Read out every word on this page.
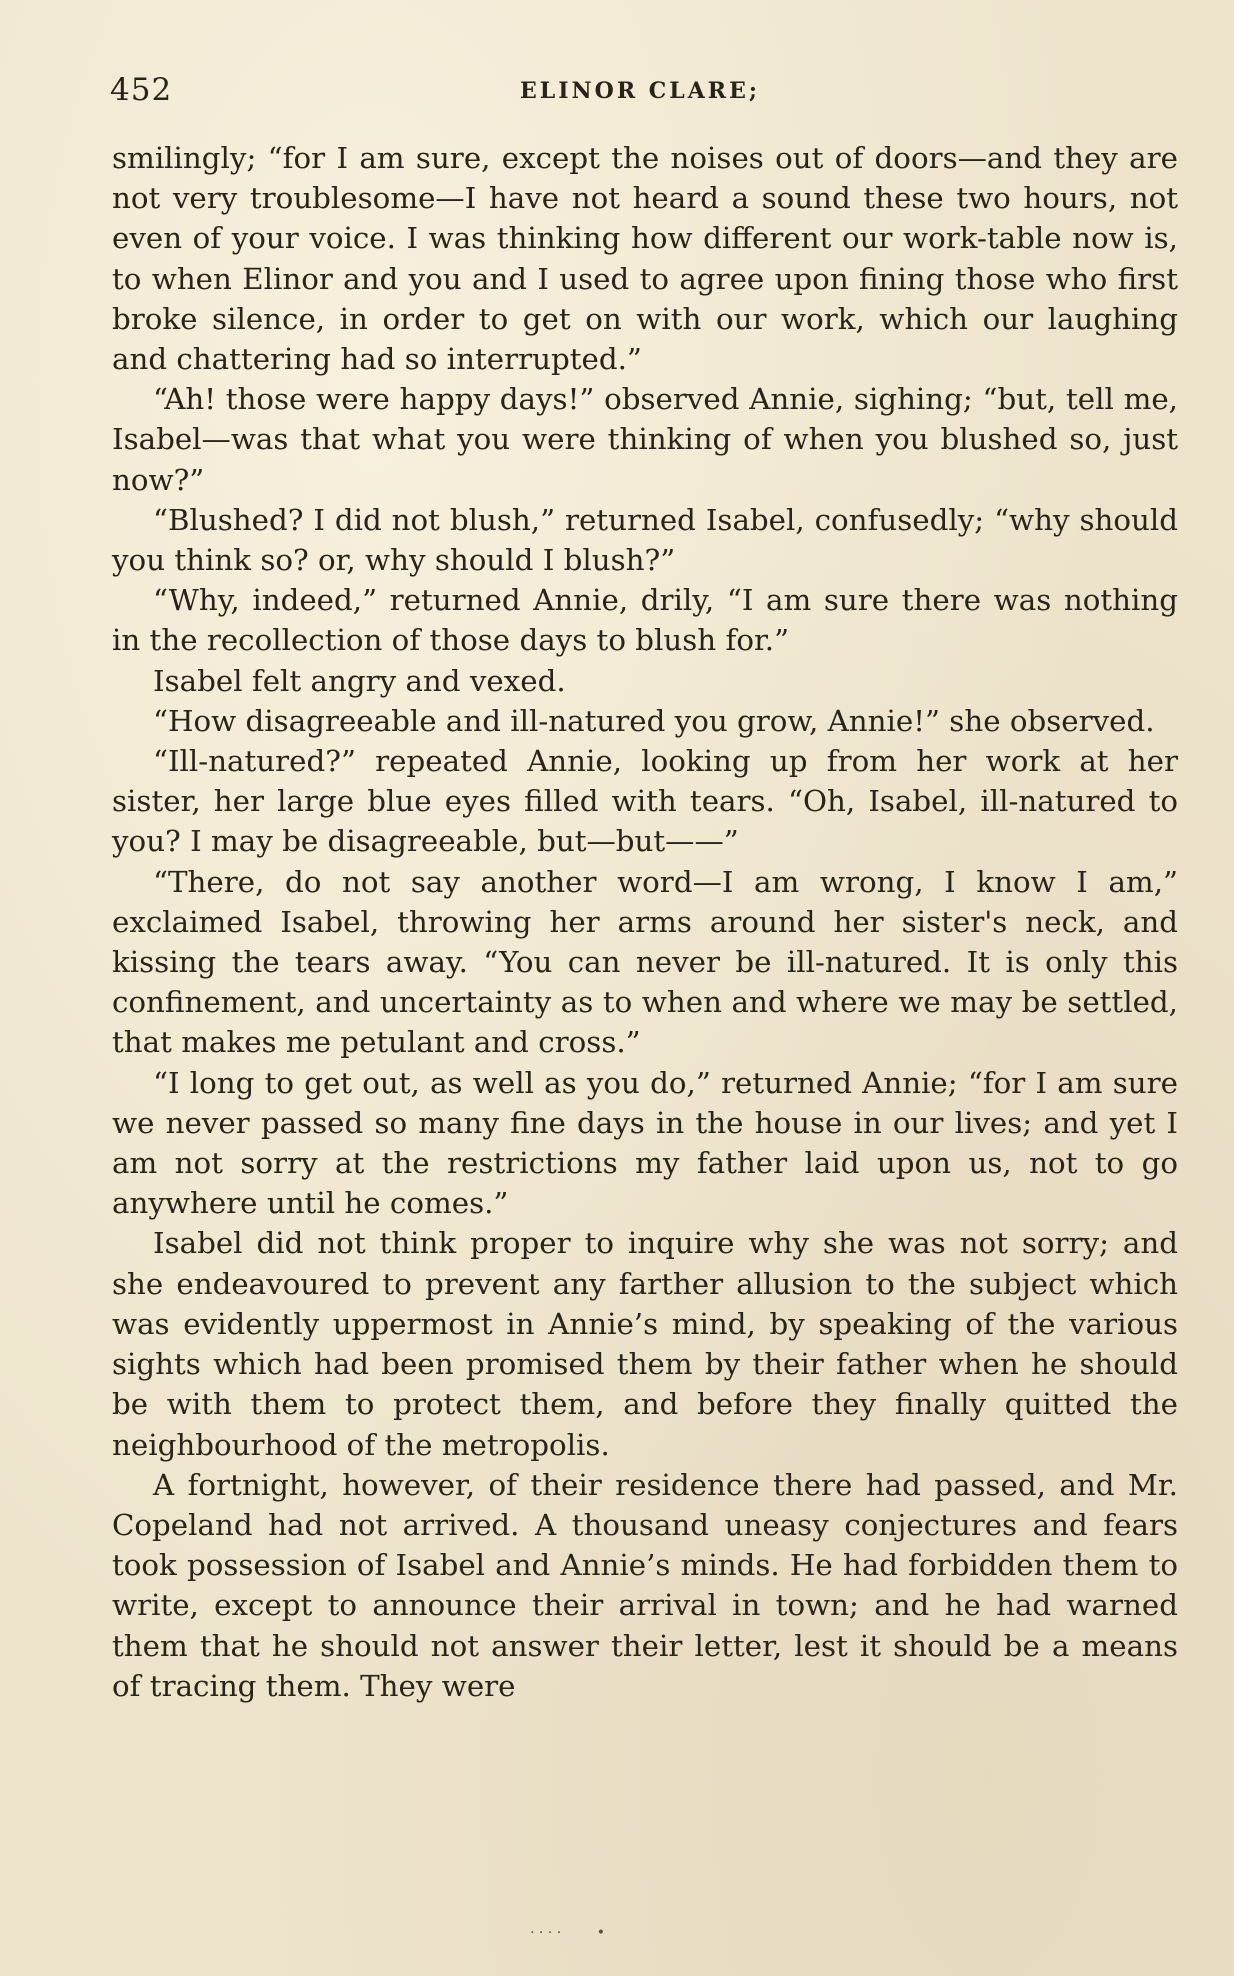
452	ELINOR CLARE;

smilingly; “for I am sure, except the noises out of doors—and they are not very troublesome—I have not heard a sound these two hours, not even of your voice. I was thinking how different our work-table now is, to when Elinor and you and I used to agree upon fining those who first broke silence, in order to get on with our work, which our laughing and chattering had so interrupted.”

“Ah! those were happy days!” observed Annie, sighing; “but, tell me, Isabel—was that what you were thinking of when you blushed so, just now?”

“Blushed? I did not blush,” returned Isabel, confusedly; “why should you think so? or, why should I blush?”

“Why, indeed,” returned Annie, drily, “I am sure there was nothing in the recollection of those days to blush for.”

Isabel felt angry and vexed.

“How disagreeable and ill-natured you grow, Annie!” she observed.

“Ill-natured?” repeated Annie, looking up from her work at her sister, her large blue eyes filled with tears. “Oh, Isabel, ill-natured to you? I may be disagreeable, but—but——”

“There, do not say another word—I am wrong, I know I am,” exclaimed Isabel, throwing her arms around her sister's neck, and kissing the tears away. “You can never be ill-natured. It is only this confinement, and uncertainty as to when and where we may be settled, that makes me petulant and cross.”

“I long to get out, as well as you do,” returned Annie; “for I am sure we never passed so many fine days in the house in our lives; and yet I am not sorry at the restrictions my father laid upon us, not to go anywhere until he comes.”

Isabel did not think proper to inquire why she was not sorry; and she endeavoured to prevent any farther allusion to the subject which was evidently uppermost in Annie’s mind, by speaking of the various sights which had been promised them by their father when he should be with them to protect them, and before they finally quitted the neighbourhood of the metropolis.

A fortnight, however, of their residence there had passed, and Mr. Copeland had not arrived. A thousand uneasy conjectures and fears took possession of Isabel and Annie’s minds. He had forbidden them to write, except to announce their arrival in town; and he had warned them that he should not answer their letter, lest it should be a means of tracing them. They were

· · · ·        •
